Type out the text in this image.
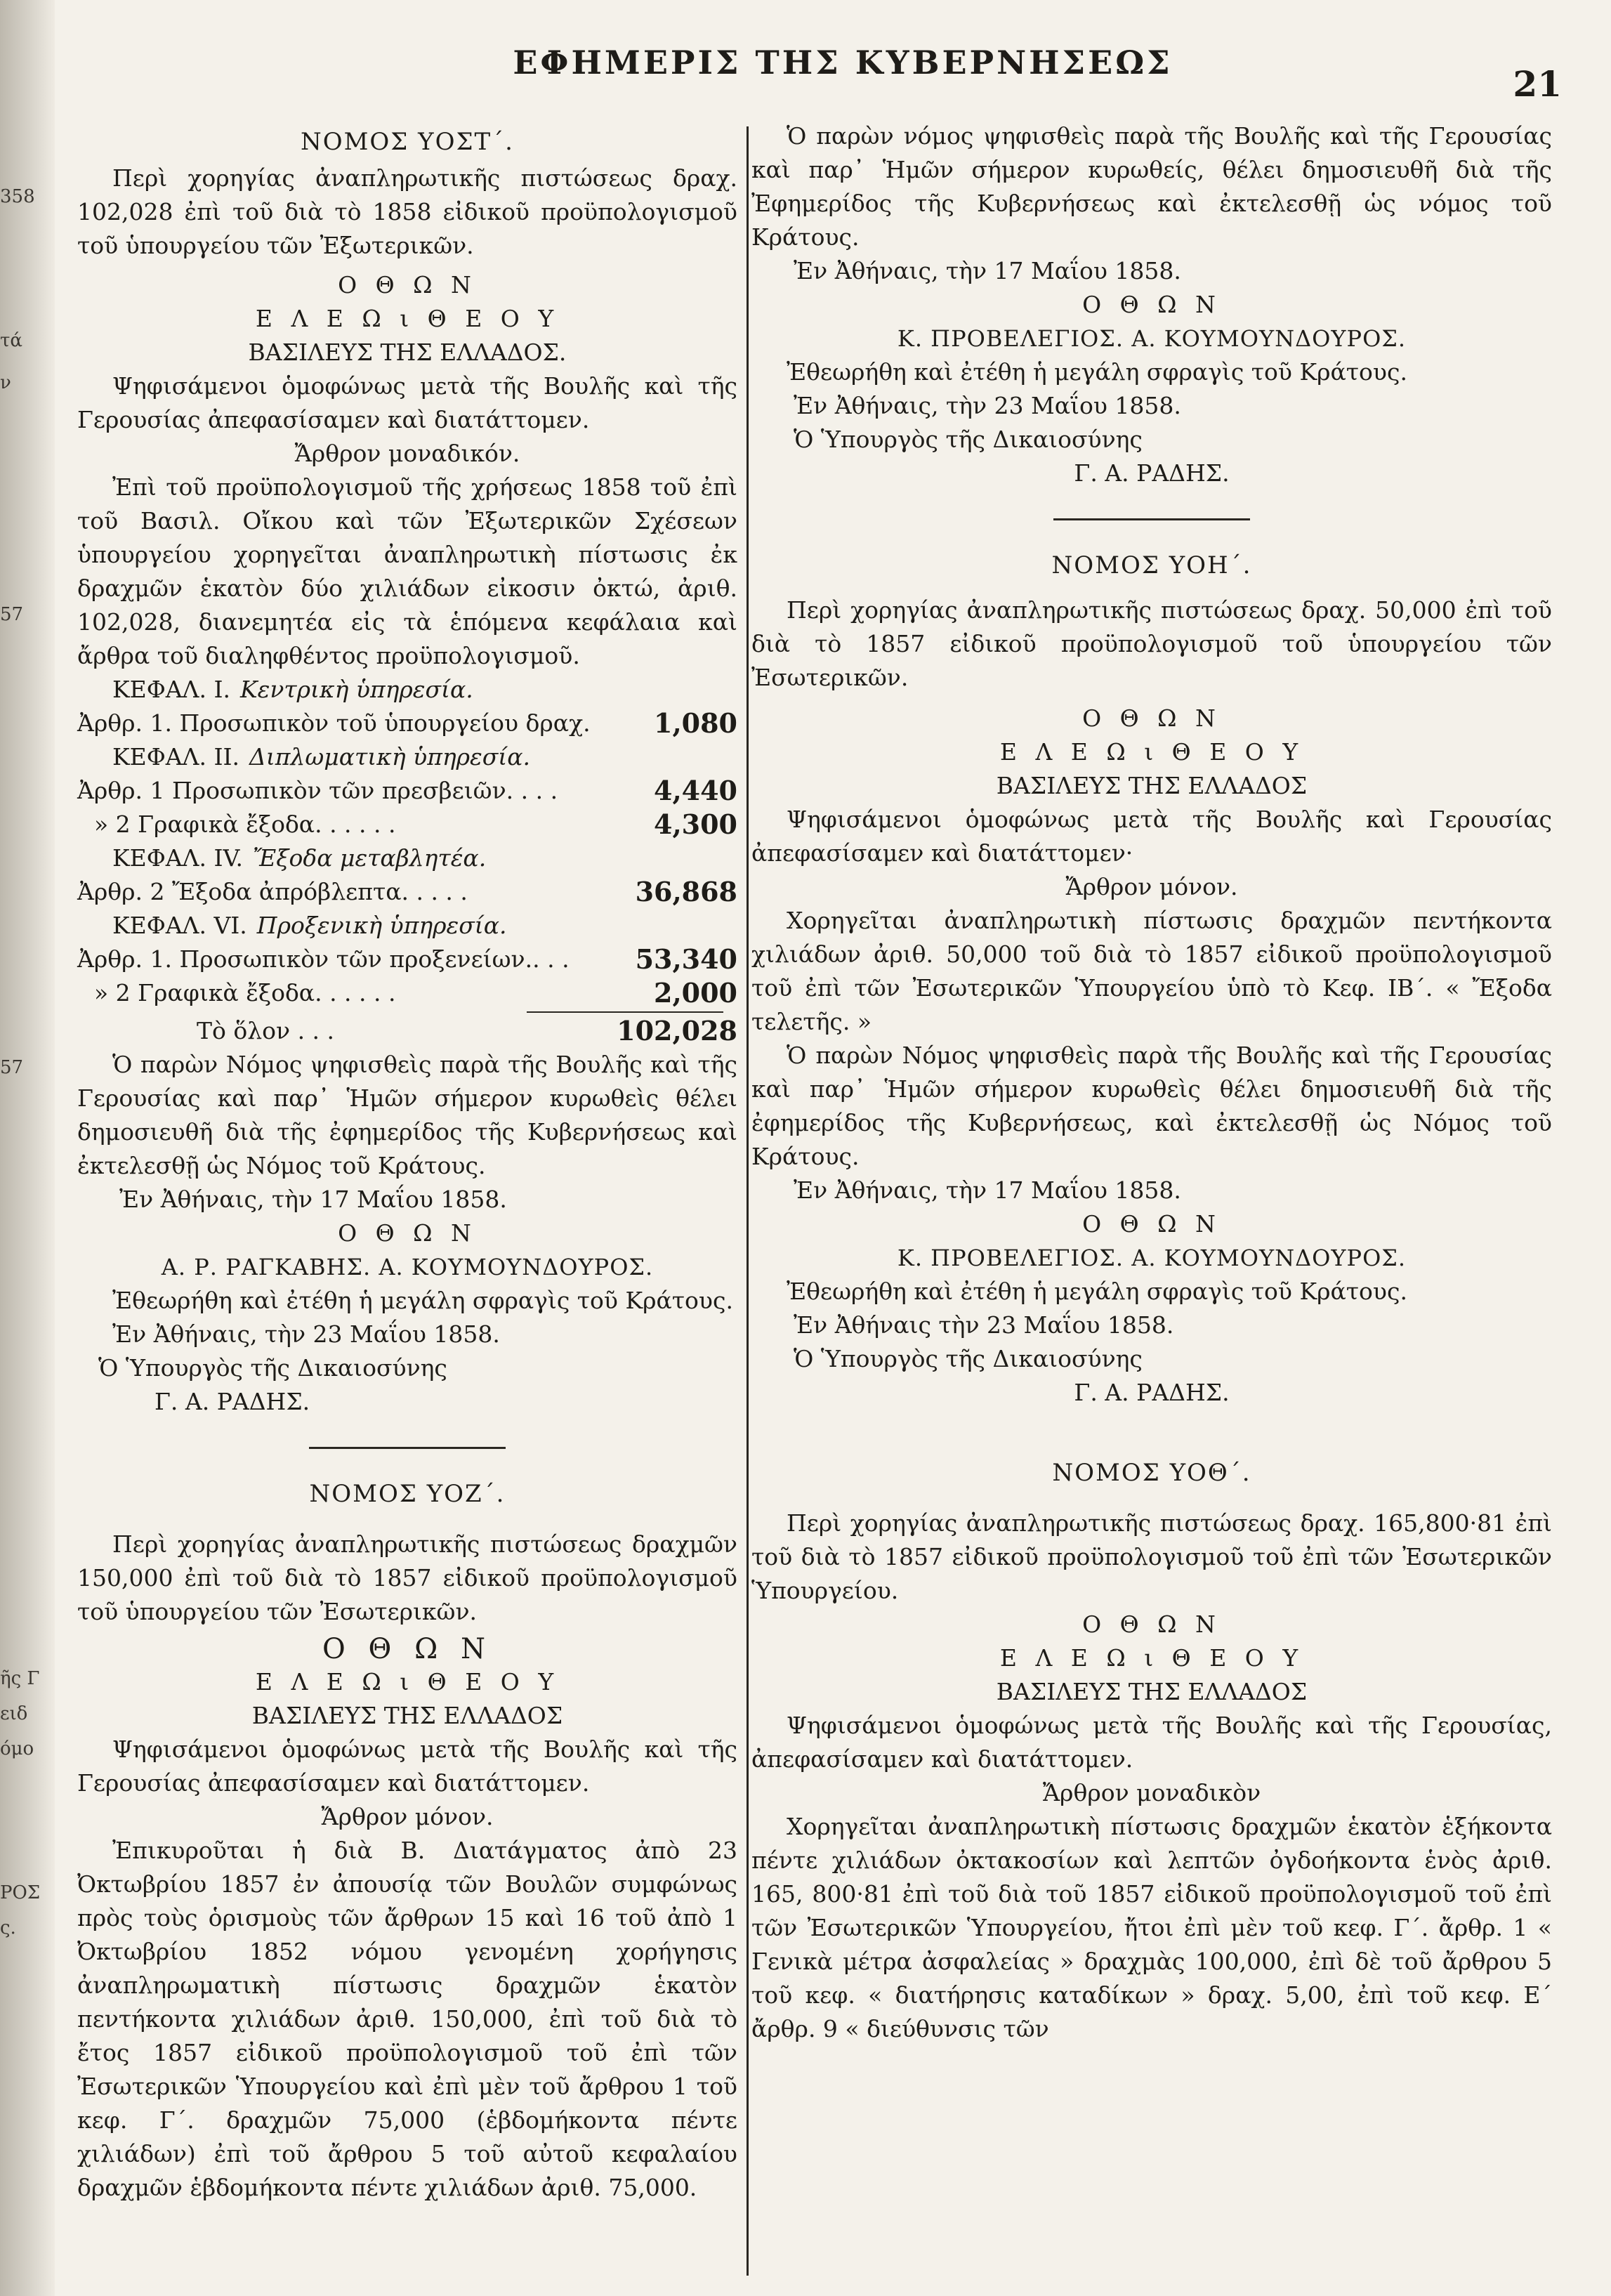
358
τά
ν
57
57
ῆς Γ
ειδ
όμο
ΡΟΣ
ς.
ΕΦΗΜΕΡΙΣ ΤΗΣ ΚΥΒΕΡΝΗΣΕΩΣ
21
ΝΟΜΟΣ ΥΟΣΤ΄.
Περὶ χορηγίας ἀναπληρωτικῆς πιστώσεως δραχ. 102,028 ἐπὶ τοῦ διὰ τὸ 1858 εἰδικοῦ προϋπολογισμοῦ τοῦ ὑπουργείου τῶν Ἐξωτερικῶν.
Ο Θ Ω Ν
Ε Λ Ε Ω ι Θ Ε Ο Υ
ΒΑΣΙΛΕΥΣ ΤΗΣ ΕΛΛΑΔΟΣ.
Ψηφισάμενοι ὁμοφώνως μετὰ τῆς Βουλῆς καὶ τῆς Γερουσίας ἀπεφασίσαμεν καὶ διατάττομεν.
Ἄρθρον μοναδικόν.
Ἐπὶ τοῦ προϋπολογισμοῦ τῆς χρήσεως 1858 τοῦ ἐπὶ τοῦ Βασιλ. Οἴκου καὶ τῶν Ἐξωτερικῶν Σχέσεων ὑπουργείου χορηγεῖται ἀναπληρωτικὴ πίστωσις ἐκ δραχμῶν ἑκατὸν δύο χιλιάδων εἰκοσιν ὀκτώ, ἀριθ. 102,028, διανεμητέα εἰς τὰ ἑπόμενα κεφάλαια καὶ ἄρθρα τοῦ διαληφθέντος προϋπολογισμοῦ.
ΚΕΦΑΛ. Ι. Κεντρικὴ ὑπηρεσία.
Ἀρθρ. 1. Προσωπικὸν τοῦ ὑπουργείου δραχ. 1,080
ΚΕΦΑΛ. ΙΙ. Διπλωματικὴ ὑπηρεσία.
Ἀρθρ. 1 Προσωπικὸν τῶν πρεσβειῶν. . . .	4,440
» 2 Γραφικὰ ἔξοδα. . . . . .	4,300
ΚΕΦΑΛ. IV. Ἔξοδα μεταβλητέα.
Ἀρθρ. 2 Ἔξοδα ἀπρόβλεπτα. . . . .	36,868
ΚΕΦΑΛ. VI. Προξενικὴ ὑπηρεσία.
Ἀρθρ. 1. Προσωπικὸν τῶν προξενείων.. . . 53,340
» 2 Γραφικὰ ἔξοδα. . . . . .	2,000
Τὸ ὅλον . . .	102,028
Ὁ παρὼν Νόμος ψηφισθεὶς παρὰ τῆς Βουλῆς καὶ τῆς Γερουσίας καὶ παρ᾿ Ἡμῶν σήμερον κυρωθεὶς θέλει δημοσιευθῆ διὰ τῆς ἐφημερίδος τῆς Κυβερνήσεως καὶ ἐκτελεσθῇ ὡς Νόμος τοῦ Κράτους.
Ἐν Ἀθήναις, τὴν 17 Μαΐου 1858.
Ο Θ Ω Ν
Α. Ρ. ΡΑΓΚΑΒΗΣ. Α. ΚΟΥΜΟΥΝΔΟΥΡΟΣ.
Ἐθεωρήθη καὶ ἐτέθη ἡ μεγάλη σφραγὶς τοῦ Κράτους.
Ἐν Ἀθήναις, τὴν 23 Μαΐου 1858.
Ὁ Ὑπουργὸς τῆς Δικαιοσύνης
Γ. Α. ΡΑΔΗΣ.
ΝΟΜΟΣ ΥΟΖ΄.
Περὶ χορηγίας ἀναπληρωτικῆς πιστώσεως δραχμῶν 150,000 ἐπὶ τοῦ διὰ τὸ 1857 εἰδικοῦ προϋπολογισμοῦ τοῦ ὑπουργείου τῶν Ἐσωτερικῶν.
Ο Θ Ω Ν
Ε Λ Ε Ω ι Θ Ε Ο Υ
ΒΑΣΙΛΕΥΣ ΤΗΣ ΕΛΛΑΔΟΣ
Ψηφισάμενοι ὁμοφώνως μετὰ τῆς Βουλῆς καὶ τῆς Γερουσίας ἀπεφασίσαμεν καὶ διατάττομεν.
Ἄρθρον μόνον.
Ἐπικυροῦται ἡ διὰ Β. Διατάγματος ἀπὸ 23 Ὀκτωβρίου 1857 ἐν ἀπουσίᾳ τῶν Βουλῶν συμφώνως πρὸς τοὺς ὁρισμοὺς τῶν ἄρθρων 15 καὶ 16 τοῦ ἀπὸ 1 Ὀκτωβρίου 1852 νόμου γενομένη χορήγησις ἀναπληρωματικὴ πίστωσις δραχμῶν ἑκατὸν πεντήκοντα χιλιάδων ἀριθ. 150,000, ἐπὶ τοῦ διὰ τὸ ἔτος 1857 εἰδικοῦ προϋπολογισμοῦ τοῦ ἐπὶ τῶν Ἐσωτερικῶν Ὑπουργείου καὶ ἐπὶ μὲν τοῦ ἄρθρου 1 τοῦ κεφ. Γ΄. δραχμῶν 75,000 (ἑβδομήκοντα πέντε χιλιάδων) ἐπὶ τοῦ ἄρθρου 5 τοῦ αὐτοῦ κεφαλαίου δραχμῶν ἑβδομήκοντα πέντε χιλιάδων ἀριθ. 75,000.
Ὁ παρὼν νόμος ψηφισθεὶς παρὰ τῆς Βουλῆς καὶ τῆς Γερουσίας καὶ παρ᾿ Ἡμῶν σήμερον κυρωθείς, θέλει δημοσιευθῆ διὰ τῆς Ἐφημερίδος τῆς Κυβερνήσεως καὶ ἐκτελεσθῇ ὡς νόμος τοῦ Κράτους.
Ἐν Ἀθήναις, τὴν 17 Μαΐου 1858.
Ο Θ Ω Ν
Κ. ΠΡΟΒΕΛΕΓΙΟΣ. Α. ΚΟΥΜΟΥΝΔΟΥΡΟΣ.
Ἐθεωρήθη καὶ ἐτέθη ἡ μεγάλη σφραγὶς τοῦ Κράτους.
Ἐν Ἀθήναις, τὴν 23 Μαΐου 1858.
Ὁ Ὑπουργὸς τῆς Δικαιοσύνης
Γ. Α. ΡΑΔΗΣ.
ΝΟΜΟΣ ΥΟΗ΄.
Περὶ χορηγίας ἀναπληρωτικῆς πιστώσεως δραχ. 50,000 ἐπὶ τοῦ διὰ τὸ 1857 εἰδικοῦ προϋπολογισμοῦ τοῦ ὑπουργείου τῶν Ἐσωτερικῶν.
Ο Θ Ω Ν
Ε Λ Ε Ω ι Θ Ε Ο Υ
ΒΑΣΙΛΕΥΣ ΤΗΣ ΕΛΛΑΔΟΣ
Ψηφισάμενοι ὁμοφώνως μετὰ τῆς Βουλῆς καὶ Γερουσίας ἀπεφασίσαμεν καὶ διατάττομεν·
Ἄρθρον μόνον.
Χορηγεῖται ἀναπληρωτικὴ πίστωσις δραχμῶν πεντήκοντα χιλιάδων ἀριθ. 50,000 τοῦ διὰ τὸ 1857 εἰδικοῦ προϋπολογισμοῦ τοῦ ἐπὶ τῶν Ἐσωτερικῶν Ὑπουργείου ὑπὸ τὸ Κεφ. ΙΒ΄. « Ἔξοδα τελετῆς. »
Ὁ παρὼν Νόμος ψηφισθεὶς παρὰ τῆς Βουλῆς καὶ τῆς Γερουσίας καὶ παρ᾿ Ἡμῶν σήμερον κυρωθεὶς θέλει δημοσιευθῆ διὰ τῆς ἐφημερίδος τῆς Κυβερνήσεως, καὶ ἐκτελεσθῇ ὡς Νόμος τοῦ Κράτους.
Ἐν Ἀθήναις, τὴν 17 Μαΐου 1858.
Ο Θ Ω Ν
Κ. ΠΡΟΒΕΛΕΓΙΟΣ. Α. ΚΟΥΜΟΥΝΔΟΥΡΟΣ.
Ἐθεωρήθη καὶ ἐτέθη ἡ μεγάλη σφραγὶς τοῦ Κράτους.
Ἐν Ἀθήναις τὴν 23 Μαΐου 1858.
Ὁ Ὑπουργὸς τῆς Δικαιοσύνης
Γ. Α. ΡΑΔΗΣ.
ΝΟΜΟΣ ΥΟΘ΄.
Περὶ χορηγίας ἀναπληρωτικῆς πιστώσεως δραχ. 165,800·81 ἐπὶ τοῦ διὰ τὸ 1857 εἰδικοῦ προϋπολογισμοῦ τοῦ ἐπὶ τῶν Ἐσωτερικῶν Ὑπουργείου.
Ο Θ Ω Ν
Ε Λ Ε Ω ι Θ Ε Ο Υ
ΒΑΣΙΛΕΥΣ ΤΗΣ ΕΛΛΑΔΟΣ
Ψηφισάμενοι ὁμοφώνως μετὰ τῆς Βουλῆς καὶ τῆς Γερουσίας, ἀπεφασίσαμεν καὶ διατάττομεν.
Ἄρθρον μοναδικὸν
Χορηγεῖται ἀναπληρωτικὴ πίστωσις δραχμῶν ἑκατὸν ἑξήκοντα πέντε χιλιάδων ὀκτακοσίων καὶ λεπτῶν ὀγδοήκοντα ἑνὸς ἀριθ. 165, 800·81 ἐπὶ τοῦ διὰ τοῦ 1857 εἰδικοῦ προϋπολογισμοῦ τοῦ ἐπὶ τῶν Ἐσωτερικῶν Ὑπουργείου, ἤτοι ἐπὶ μὲν τοῦ κεφ. Γ΄. ἄρθρ. 1 « Γενικὰ μέτρα ἀσφαλείας » δραχμὰς 100,000, ἐπὶ δὲ τοῦ ἄρθρου 5 τοῦ κεφ. « διατήρησις καταδίκων » δραχ. 5,00, ἐπὶ τοῦ κεφ. Ε΄ ἄρθρ. 9 « διεύθυνσις τῶν
